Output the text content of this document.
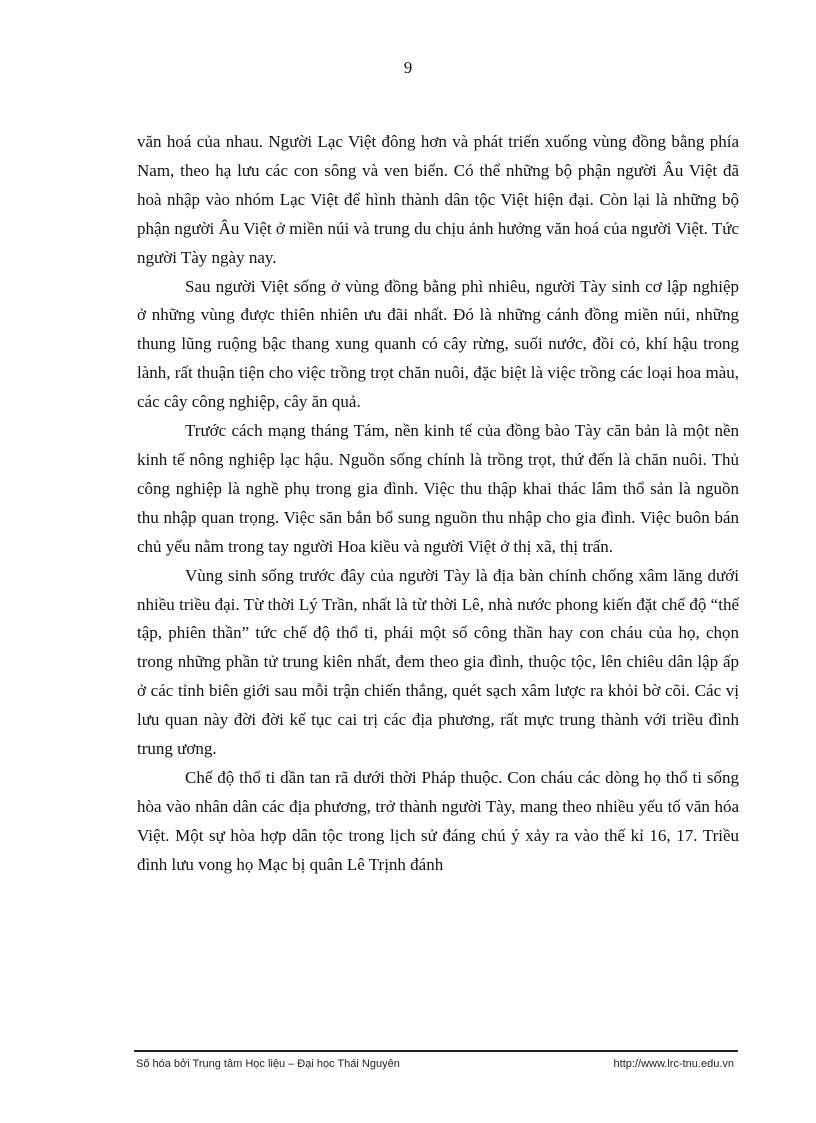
9

văn hoá của nhau. Người Lạc Việt đông hơn và phát triển xuống vùng đồng bằng phía Nam, theo hạ lưu các con sông và ven biển. Có thể những bộ phận người Âu Việt đã hoà nhập vào nhóm Lạc Việt để hình thành dân tộc Việt hiện đại. Còn lại là những bộ phận người Âu Việt ở miền núi và trung du chịu ảnh hưởng văn hoá của người Việt. Tức người Tày ngày nay.

Sau người Việt sống ở vùng đồng bằng phì nhiêu, người Tày sinh cơ lập nghiệp ở những vùng được thiên nhiên ưu đãi nhất. Đó là những cánh đồng miền núi, những thung lũng ruộng bậc thang xung quanh có cây rừng, suối nước, đồi cỏ, khí hậu trong lành, rất thuận tiện cho việc trồng trọt chăn nuôi, đặc biệt là việc trồng các loại hoa màu, các cây công nghiệp, cây ăn quả.

Trước cách mạng tháng Tám, nền kinh tế của đồng bào Tày căn bản là một nền kinh tế nông nghiệp lạc hậu. Nguồn sống chính là trồng trọt, thứ đến là chăn nuôi. Thủ công nghiệp là nghề phụ trong gia đình. Việc thu thập khai thác lâm thổ sản là nguồn thu nhập quan trọng. Việc săn bắn bổ sung nguồn thu nhập cho gia đình. Việc buôn bán chủ yếu nằm trong tay người Hoa kiều và người Việt ở thị xã, thị trấn.

Vùng sinh sống trước đây của người Tày là địa bàn chính chống xâm lăng dưới nhiều triều đại. Từ thời Lý Trần, nhất là từ thời Lê, nhà nước phong kiến đặt chế độ “thế tập, phiên thần” tức chế độ thổ ti, phái một số công thần hay con cháu của họ, chọn trong những phần tử trung kiên nhất, đem theo gia đình, thuộc tộc, lên chiêu dân lập ấp ở các tỉnh biên giới sau mỗi trận chiến thắng, quét sạch xâm lược ra khỏi bờ cõi. Các vị lưu quan này đời đời kế tục cai trị các địa phương, rất mực trung thành với triều đình trung ương.

Chế độ thổ ti dần tan rã dưới thời Pháp thuộc. Con cháu các dòng họ thổ ti sống hòa vào nhân dân các địa phương, trở thành người Tày, mang theo nhiều yếu tố văn hóa Việt. Một sự hòa hợp dân tộc trong lịch sử đáng chú ý xảy ra vào thế kỉ 16, 17. Triều đình lưu vong họ Mạc bị quân Lê Trịnh đánh

Số hóa bởi Trung tâm Học liệu – Đại học Thái Nguyên	http://www.lrc-tnu.edu.vn
